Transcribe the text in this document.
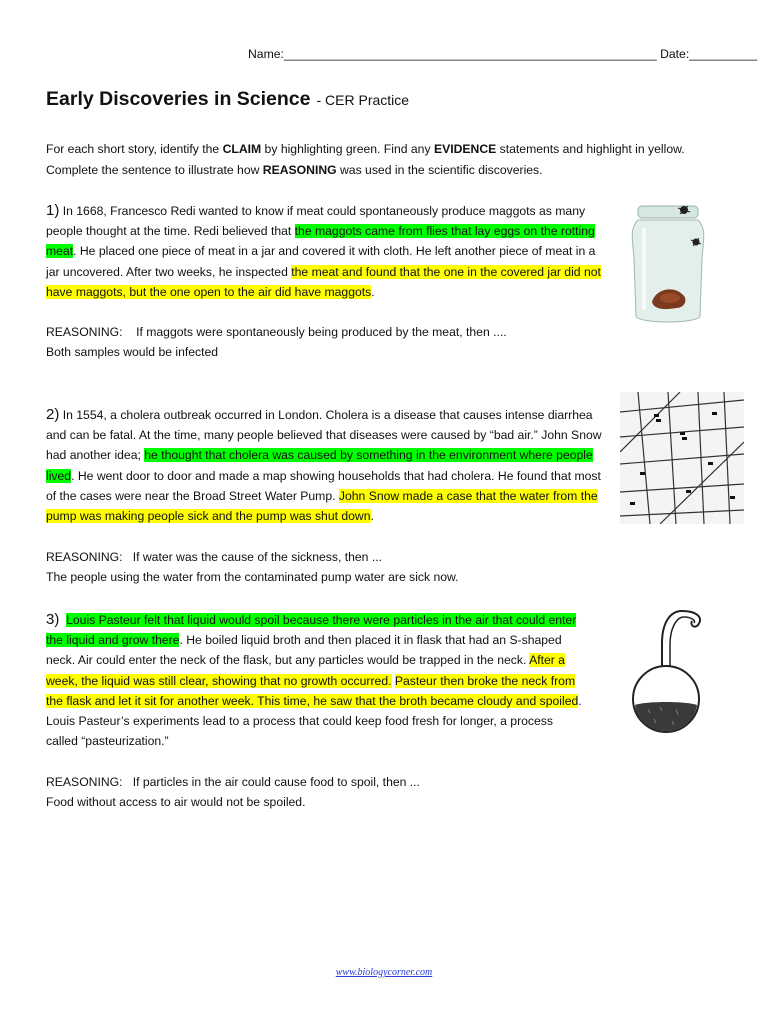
Name:_______________________________________________________ Date:__________
Early Discoveries in Science - CER Practice
For each short story, identify the CLAIM by highlighting green. Find any EVIDENCE statements and highlight in yellow. Complete the sentence to illustrate how REASONING was used in the scientific discoveries.
1) In 1668, Francesco Redi wanted to know if meat could spontaneously produce maggots as many people thought at the time. Redi believed that the maggots came from flies that lay eggs on the rotting meat. He placed one piece of meat in a jar and covered it with cloth. He left another piece of meat in a jar uncovered. After two weeks, he inspected the meat and found that the one in the covered jar did not have maggots, but the one open to the air did have maggots.
REASONING: If maggots were spontaneously being produced by the meat, then ....
Both samples would be infected
2) In 1554, a cholera outbreak occurred in London. Cholera is a disease that causes intense diarrhea and can be fatal. At the time, many people believed that diseases were caused by “bad air.” John Snow had another idea; he thought that cholera was caused by something in the environment where people lived. He went door to door and made a map showing households that had cholera. He found that most of the cases were near the Broad Street Water Pump. John Snow made a case that the water from the pump was making people sick and the pump was shut down.
REASONING: If water was the cause of the sickness, then ...
The people using the water from the contaminated pump water are sick now.
3) Louis Pasteur felt that liquid would spoil because there were particles in the air that could enter the liquid and grow there. He boiled liquid broth and then placed it in flask that had an S-shaped neck. Air could enter the neck of the flask, but any particles would be trapped in the neck. After a week, the liquid was still clear, showing that no growth occurred. Pasteur then broke the neck from the flask and let it sit for another week. This time, he saw that the broth became cloudy and spoiled. Louis Pasteur’s experiments lead to a process that could keep food fresh for longer, a process called “pasteurization.”
REASONING: If particles in the air could cause food to spoil, then ...
Food without access to air would not be spoiled.
www.biologycorner.com
